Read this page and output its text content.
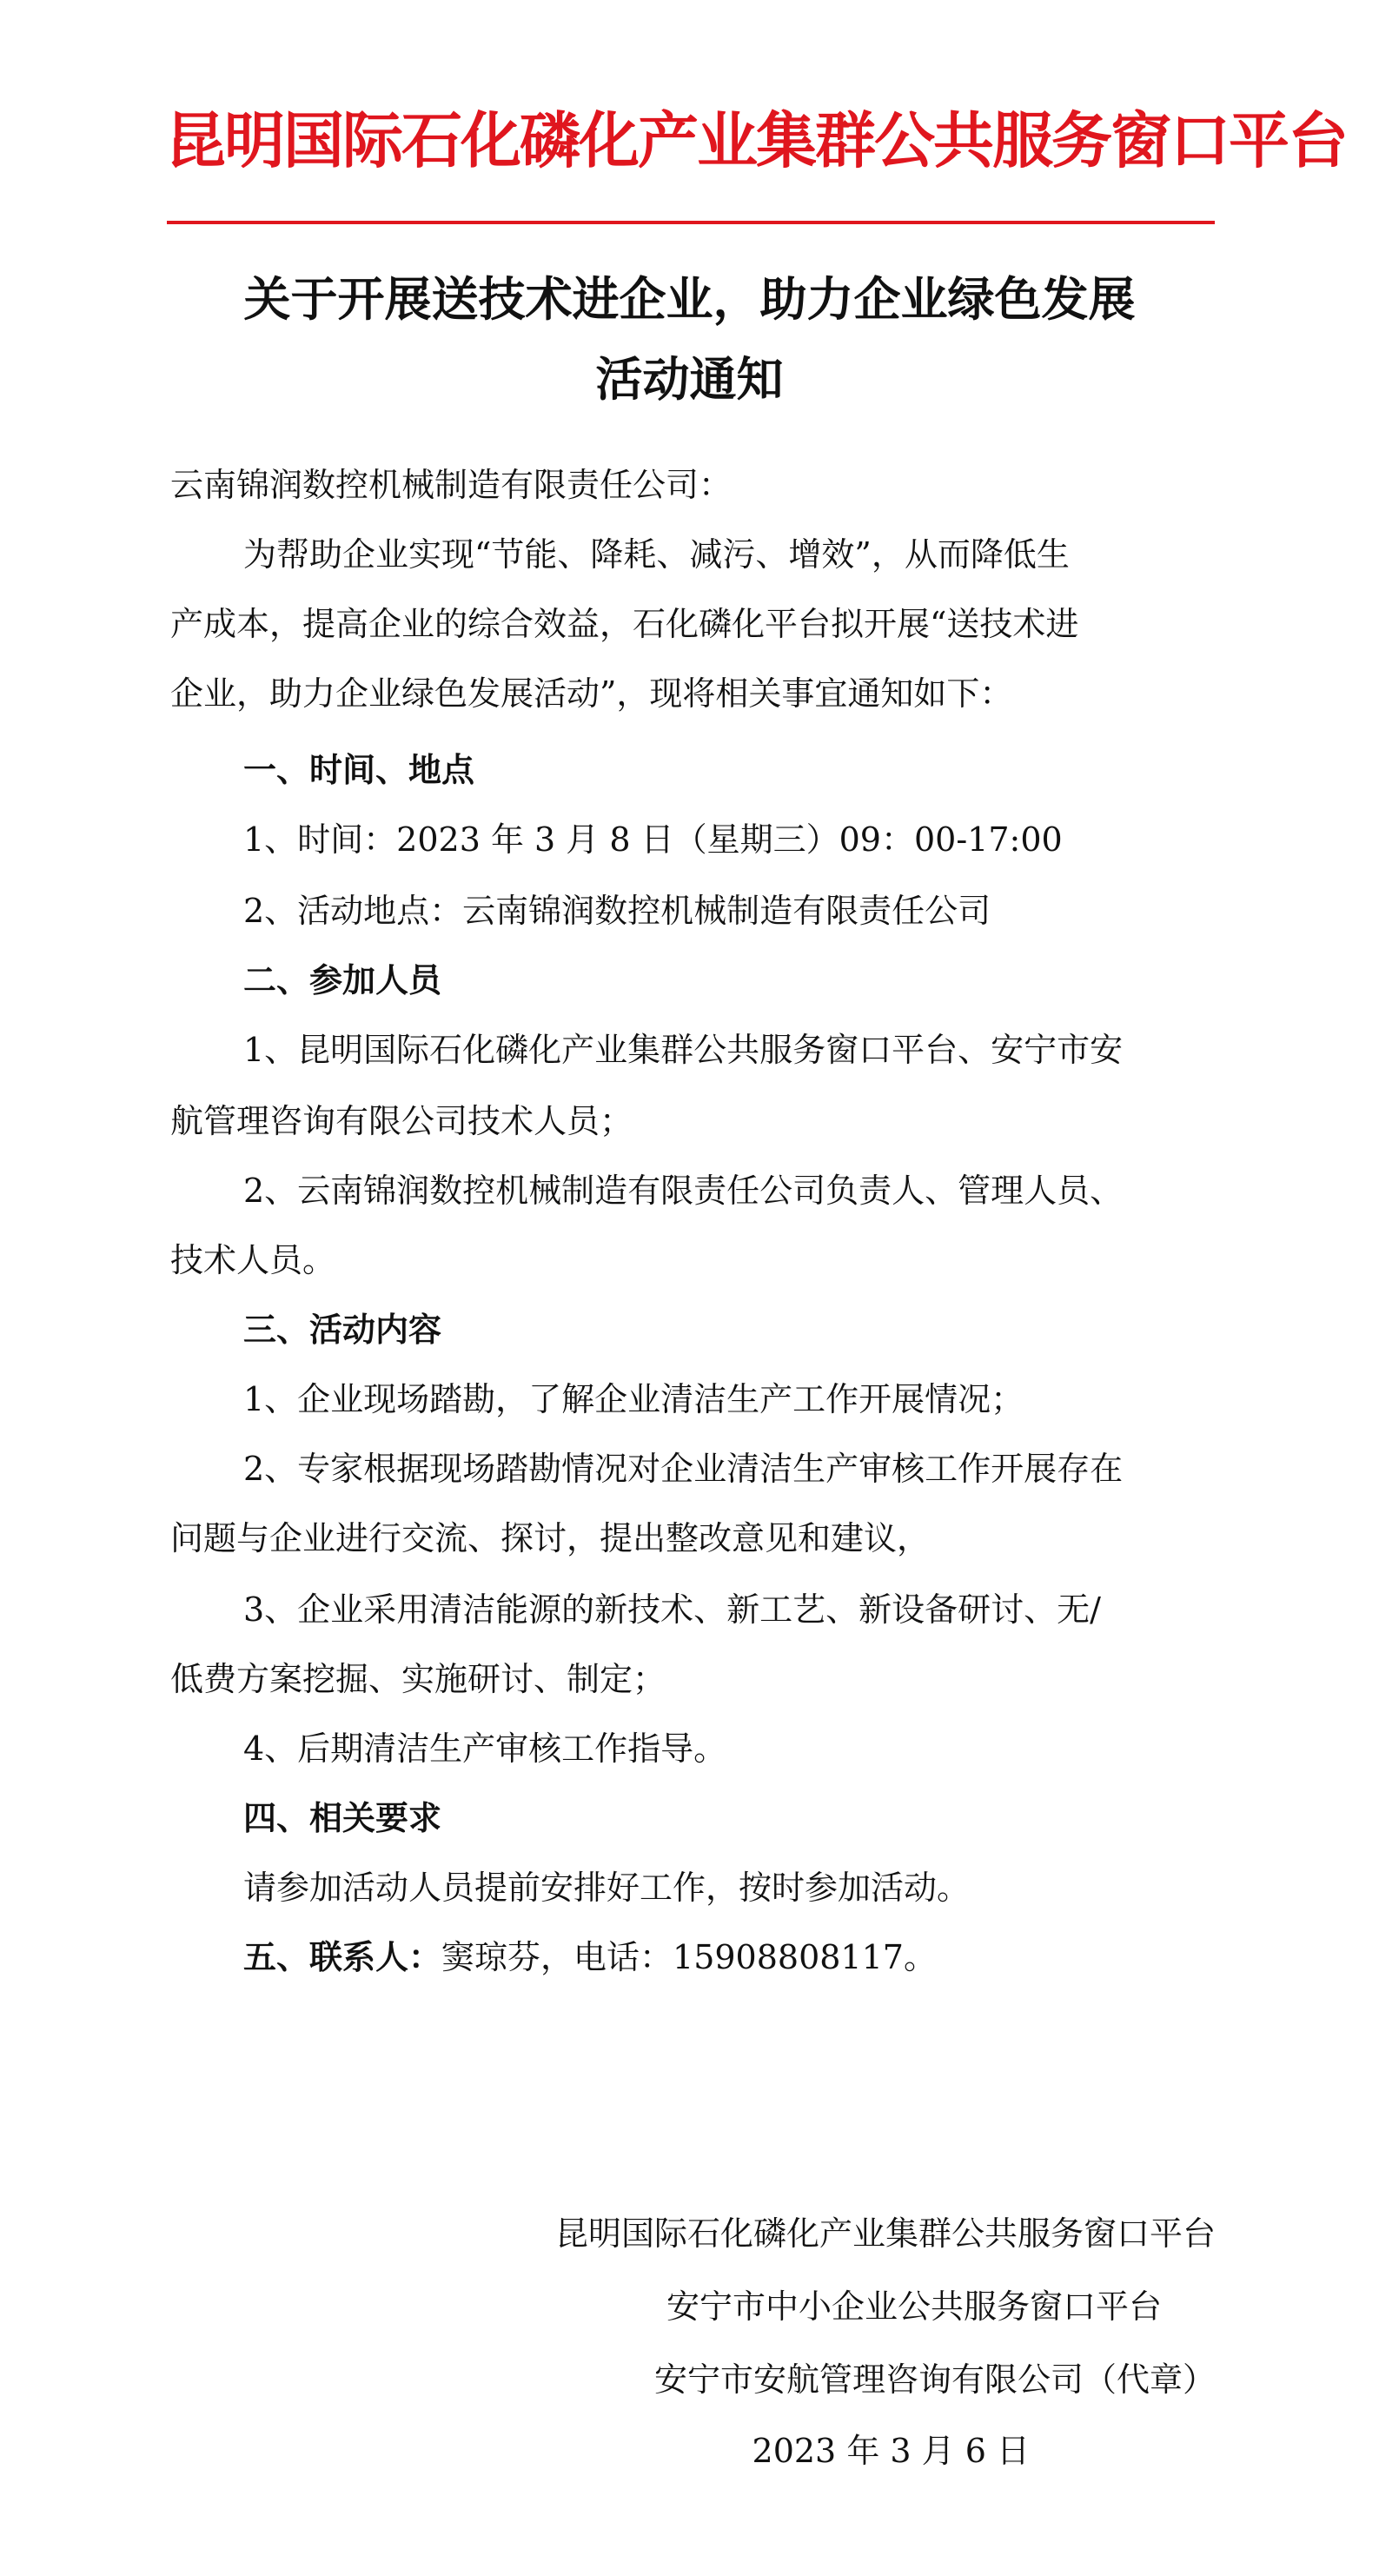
昆明国际石化磷化产业集群公共服务窗口平台
关于开展送技术进企业，助力企业绿色发展
活动通知
云南锦润数控机械制造有限责任公司：
为帮助企业实现“节能、降耗、减污、增效”，从而降低生
产成本，提高企业的综合效益，石化磷化平台拟开展“送技术进
企业，助力企业绿色发展活动”，现将相关事宜通知如下：
一、时间、地点
1、时间：2023 年 3 月 8 日（星期三）09：00-17:00
2、活动地点：云南锦润数控机械制造有限责任公司
二、参加人员
1、昆明国际石化磷化产业集群公共服务窗口平台、安宁市安
航管理咨询有限公司技术人员；
2、云南锦润数控机械制造有限责任公司负责人、管理人员、
技术人员。
三、活动内容
1、企业现场踏勘，了解企业清洁生产工作开展情况；
2、专家根据现场踏勘情况对企业清洁生产审核工作开展存在
问题与企业进行交流、探讨，提出整改意见和建议，
3、企业采用清洁能源的新技术、新工艺、新设备研讨、无/
低费方案挖掘、实施研讨、制定；
4、后期清洁生产审核工作指导。
四、相关要求
请参加活动人员提前安排好工作，按时参加活动。
五、联系人：窦琼芬，电话：15908808117。
昆明国际石化磷化产业集群公共服务窗口平台
安宁市中小企业公共服务窗口平台
安宁市安航管理咨询有限公司（代章）
2023 年 3 月 6 日
